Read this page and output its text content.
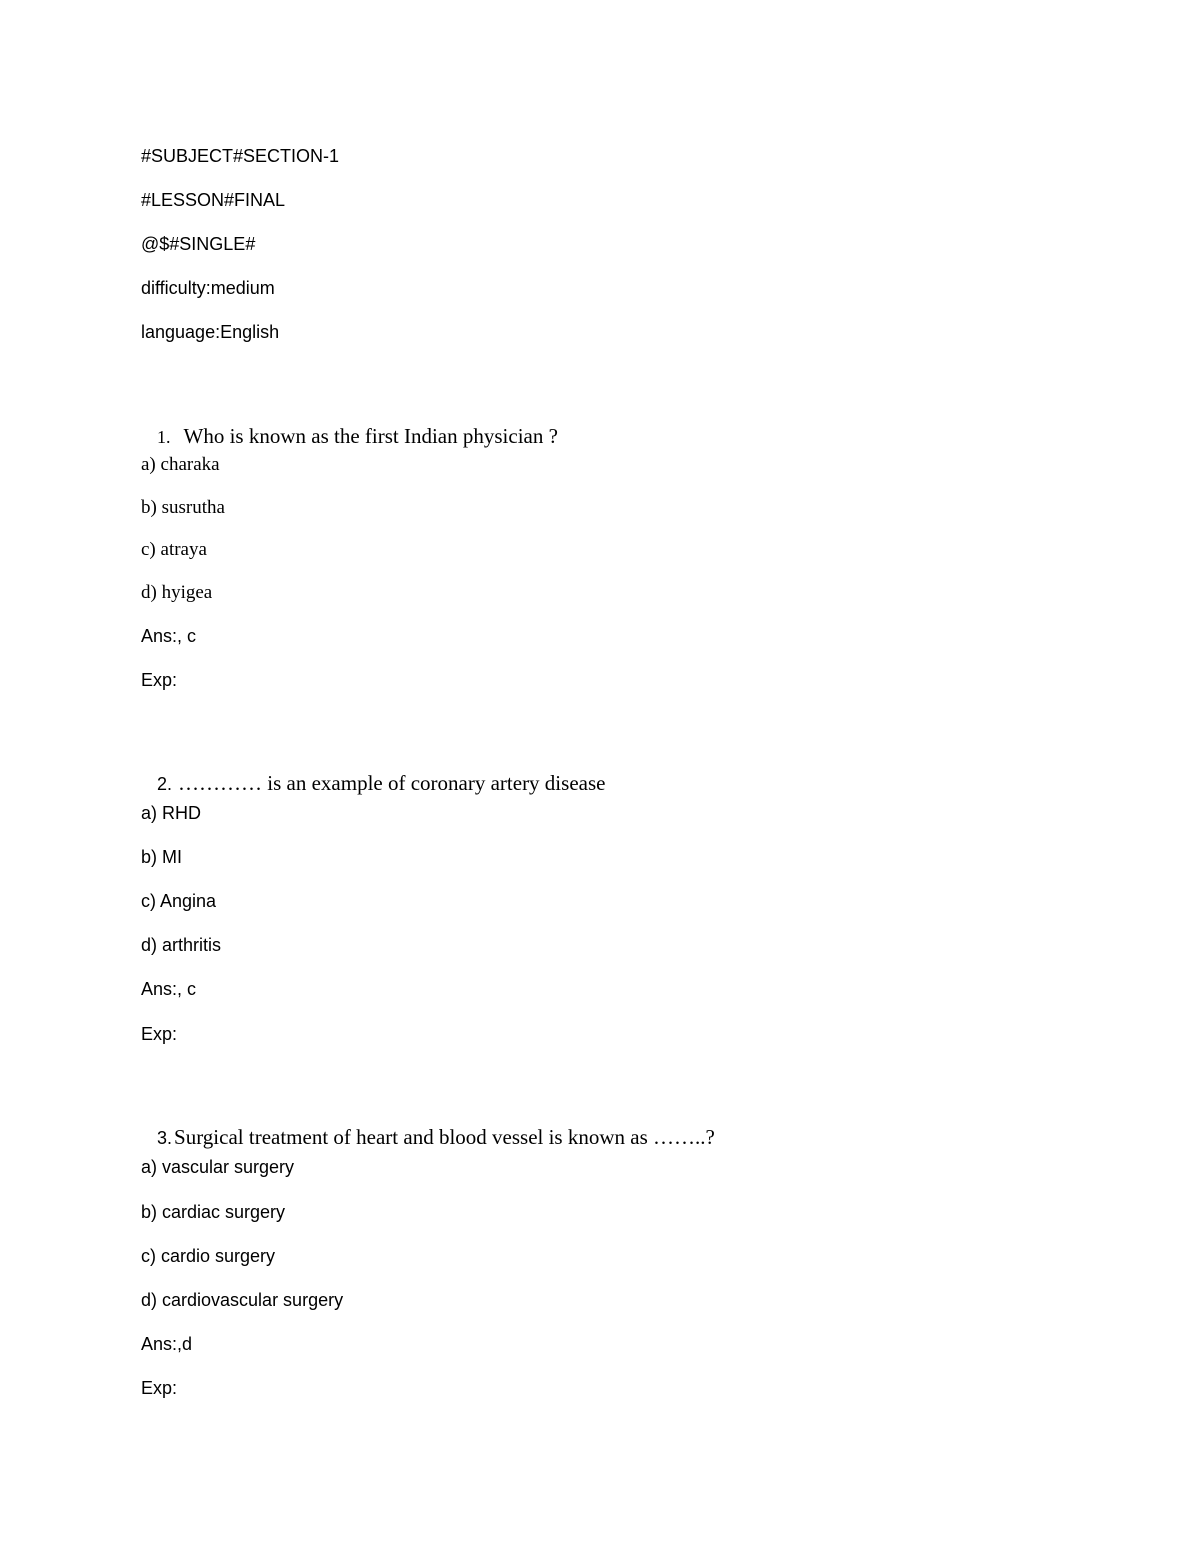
#SUBJECT#SECTION-1
#LESSON#FINAL
@$#SINGLE#
difficulty:medium
language:English

1. Who is known as the first Indian physician ?

a) charaka
b) susrutha
c) atraya
d) hyigea
Ans:, c
Exp:

2. ………… is an example of coronary artery disease

a) RHD
b) MI
c) Angina
d) arthritis
Ans:, c
Exp:

3.Surgical treatment of heart and blood vessel is known as ……..?

a) vascular surgery
b) cardiac surgery
c) cardio surgery
d) cardiovascular surgery
Ans:,d
Exp:
